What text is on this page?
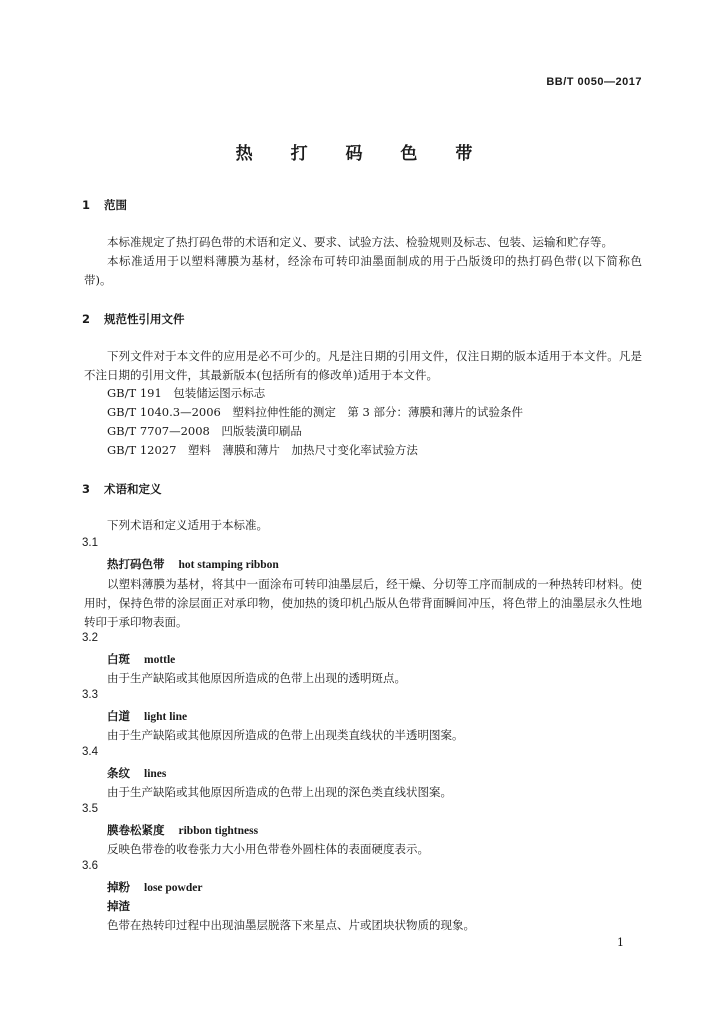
BB/T 0050—2017
热 打 码 色 带
1 范围
本标准规定了热打码色带的术语和定义、要求、试验方法、检验规则及标志、包装、运输和贮存等。
本标准适用于以塑料薄膜为基材，经涂布可转印油墨面制成的用于凸版烫印的热打码色带(以下简称色带)。
2 规范性引用文件
下列文件对于本文件的应用是必不可少的。凡是注日期的引用文件，仅注日期的版本适用于本文件。凡是不注日期的引用文件，其最新版本(包括所有的修改单)适用于本文件。
GB/T 191　包装储运图示标志
GB/T 1040.3—2006　塑料拉伸性能的测定　第 3 部分：薄膜和薄片的试验条件
GB/T 7707—2008　凹版装潢印刷品
GB/T 12027　塑料　薄膜和薄片　加热尺寸变化率试验方法
3 术语和定义
下列术语和定义适用于本标准。
3.1
热打码色带 hot stamping ribbon
以塑料薄膜为基材，将其中一面涂布可转印油墨层后，经干燥、分切等工序而制成的一种热转印材料。使用时，保持色带的涂层面正对承印物，使加热的烫印机凸版从色带背面瞬间冲压，将色带上的油墨层永久性地转印于承印物表面。
3.2
白斑 mottle
由于生产缺陷或其他原因所造成的色带上出现的透明斑点。
3.3
白道 light line
由于生产缺陷或其他原因所造成的色带上出现类直线状的半透明图案。
3.4
条纹 lines
由于生产缺陷或其他原因所造成的色带上出现的深色类直线状图案。
3.5
膜卷松紧度 ribbon tightness
反映色带卷的收卷张力大小用色带卷外圆柱体的表面硬度表示。
3.6
掉粉 lose powder
掉渣
色带在热转印过程中出现油墨层脱落下来星点、片或团块状物质的现象。
1
